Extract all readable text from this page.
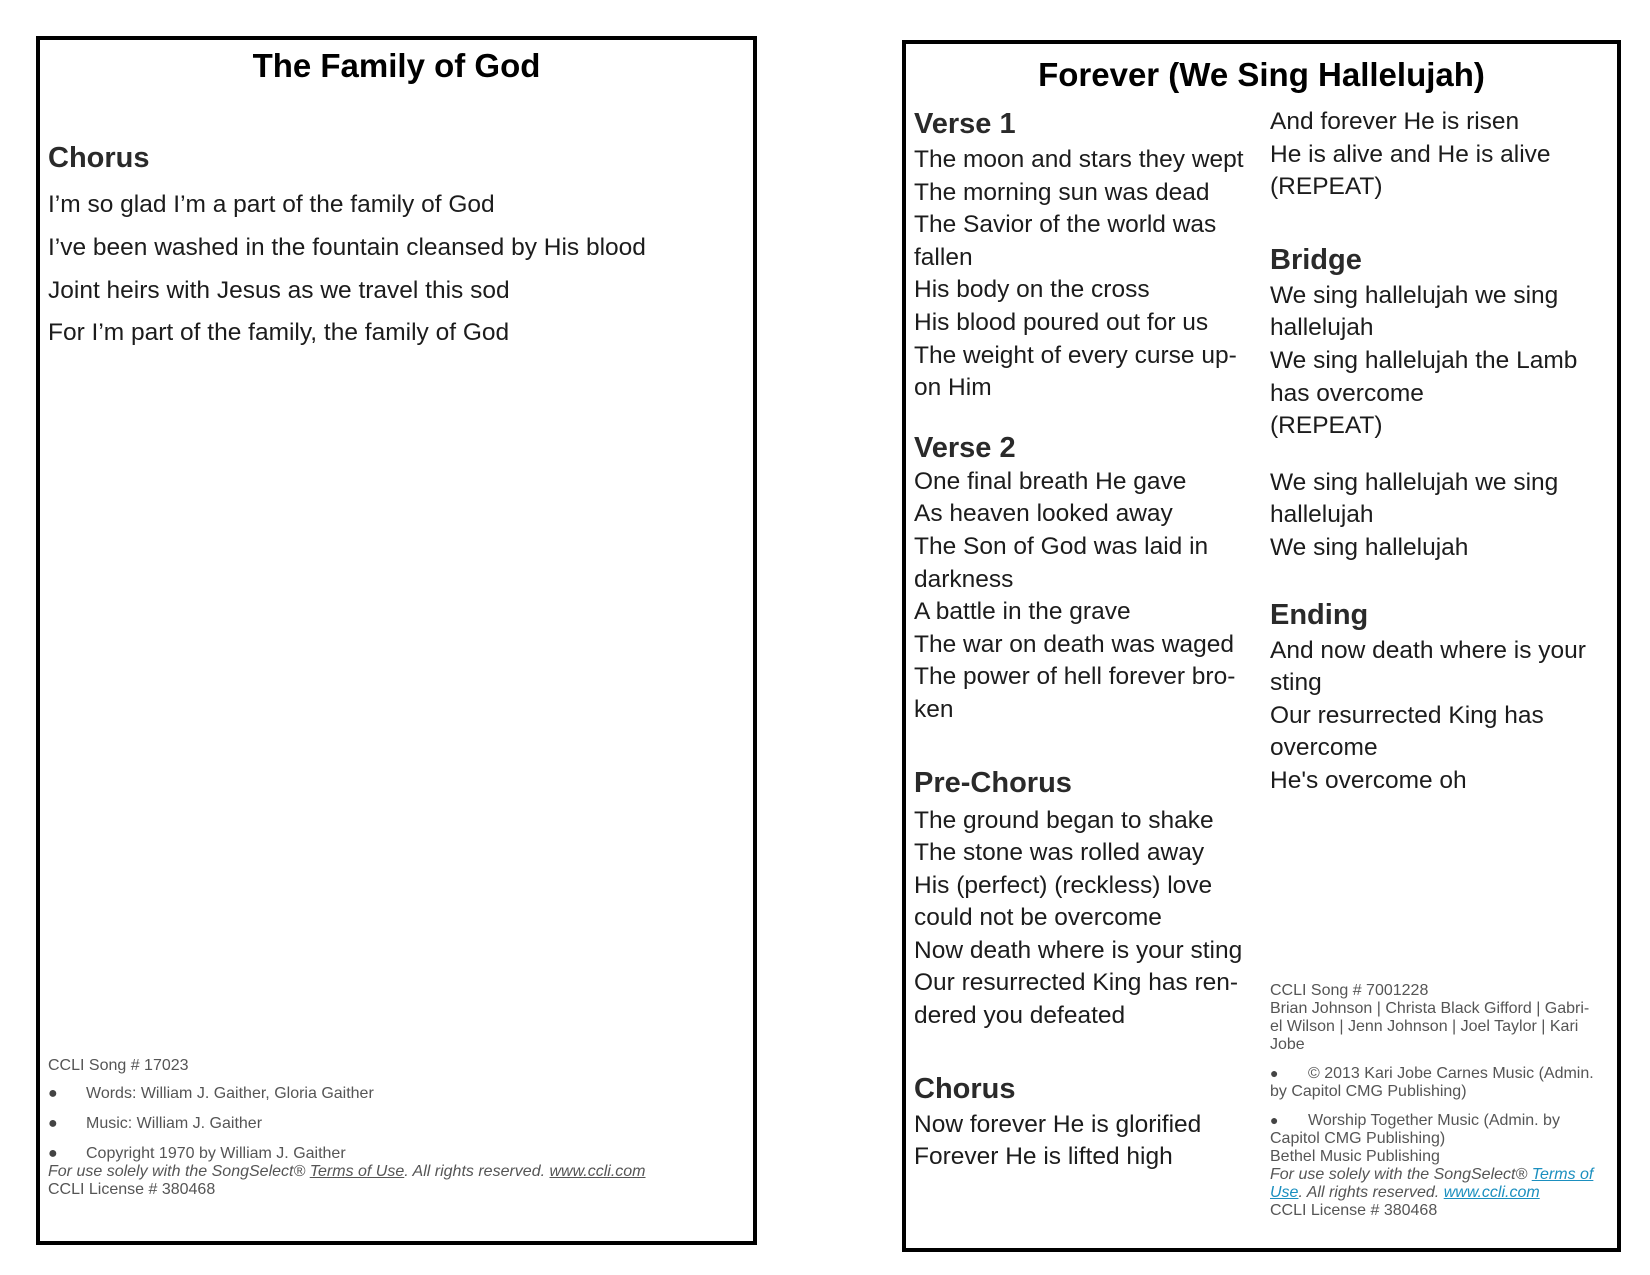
The Family of God
Chorus
I’m so glad I’m a part of the family of God
I’ve been washed in the fountain cleansed by His blood
Joint heirs with Jesus as we travel this sod
For I’m part of the family, the family of God
CCLI Song # 17023
●	Words: William J. Gaither, Gloria Gaither
●	Music: William J. Gaither
●	Copyright 1970 by William J. Gaither
For use solely with the SongSelect® Terms of Use. All rights reserved. www.ccli.com
CCLI License # 380468
Forever (We Sing Hallelujah)
Verse 1
The moon and stars they wept
The morning sun was dead
The Savior of the world was
fallen
His body on the cross
His blood poured out for us
The weight of every curse up-
on Him
Verse 2
One final breath He gave
As heaven looked away
The Son of God was laid in
darkness
A battle in the grave
The war on death was waged
The power of hell forever bro-
ken
Pre-Chorus
The ground began to shake
The stone was rolled away
His (perfect) (reckless) love
could not be overcome
Now death where is your sting
Our resurrected King has ren-
dered you defeated
Chorus
Now forever He is glorified
Forever He is lifted high
And forever He is risen
He is alive and He is alive
(REPEAT)
Bridge
We sing hallelujah we sing
hallelujah
We sing hallelujah the Lamb
has overcome
(REPEAT)
We sing hallelujah we sing
hallelujah
We sing hallelujah
Ending
And now death where is your
sting
Our resurrected King has
overcome
He's overcome oh
CCLI Song # 7001228
Brian Johnson | Christa Black Gifford | Gabri-
el Wilson | Jenn Johnson | Joel Taylor | Kari
Jobe
● © 2013 Kari Jobe Carnes Music (Admin.
by Capitol CMG Publishing)
● Worship Together Music (Admin. by
Capitol CMG Publishing)
Bethel Music Publishing
For use solely with the SongSelect® Terms of
Use. All rights reserved. www.ccli.com
CCLI License # 380468
